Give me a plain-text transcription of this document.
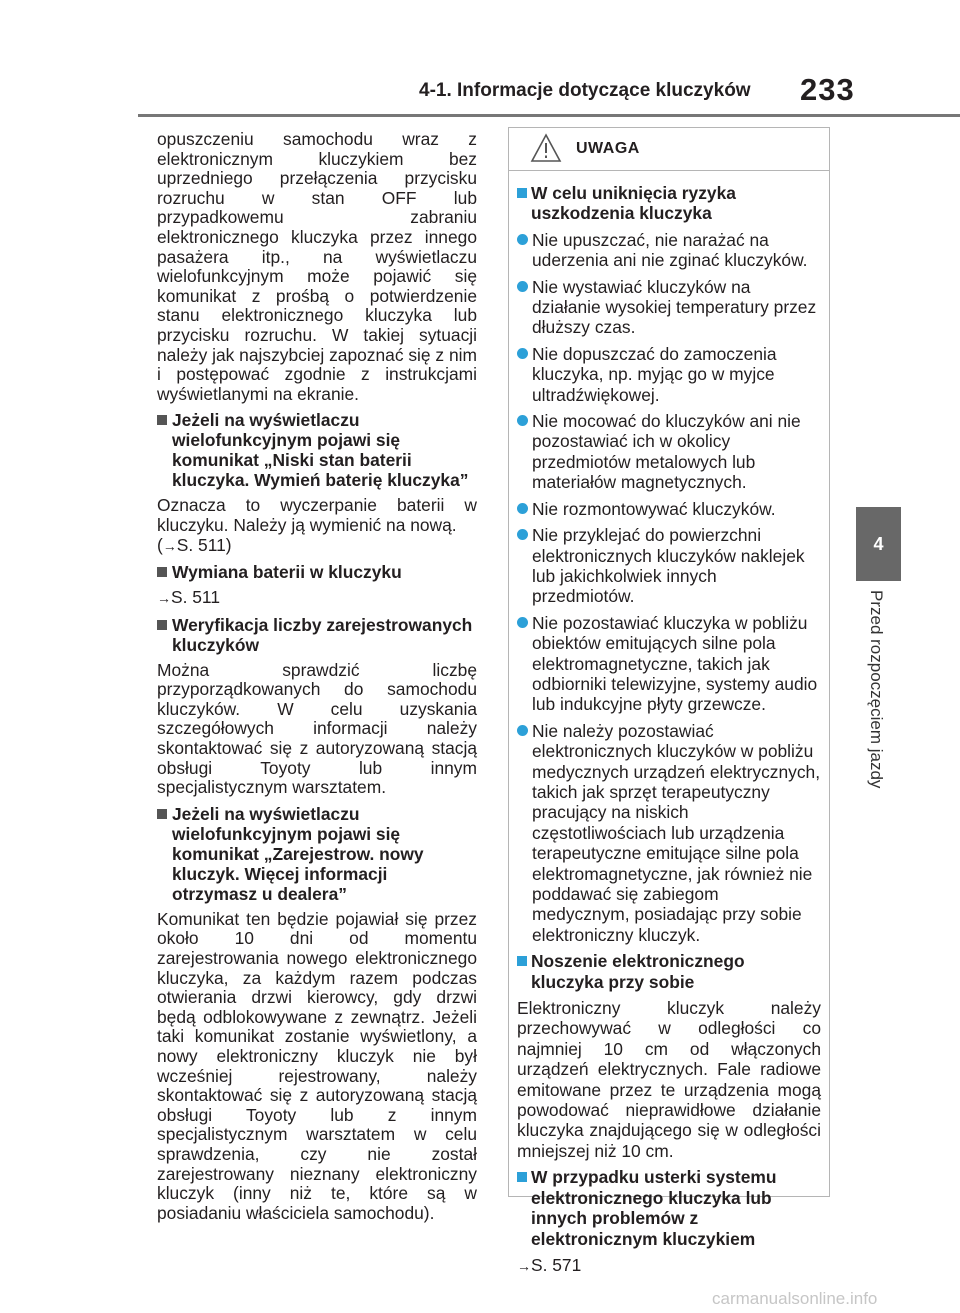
4-1. Informacje dotyczące kluczyków 233
4
Przed rozpoczęciem jazdy

opuszczeniu samochodu wraz z elektronicznym kluczykiem bez uprzedniego przełączenia przycisku rozruchu w stan OFF lub przypadkowemu zabraniu elektronicznego kluczyka przez innego pasażera itp., na wyświetlaczu wielofunkcyjnym może pojawić się komunikat z prośbą o potwierdzenie stanu elektronicznego kluczyka lub przycisku rozruchu. W takiej sytuacji należy jak najszybciej zapoznać się z nim i postępować zgodnie z instrukcjami wyświetlanymi na ekranie.

Jeżeli na wyświetlaczu wielofunkcyjnym pojawi się komunikat „Niski stan baterii kluczyka. Wymień baterię kluczyka”

Oznacza to wyczerpanie baterii w kluczyku. Należy ją wymienić na nową.
(→S. 511)

Wymiana baterii w kluczyku

→S. 511

Weryfikacja liczby zarejestrowanych kluczyków

Można sprawdzić liczbę przyporządkowanych do samochodu kluczyków. W celu uzyskania szczegółowych informacji należy skontaktować się z autoryzowaną stacją obsługi Toyoty lub innym specjalistycznym warsztatem.

Jeżeli na wyświetlaczu wielofunkcyjnym pojawi się komunikat „Zarejestrow. nowy kluczyk. Więcej informacji otrzymasz u dealera”

Komunikat ten będzie pojawiał się przez około 10 dni od momentu zarejestrowania nowego elektronicznego kluczyka, za każdym razem podczas otwierania drzwi kierowcy, gdy drzwi będą odblokowywane z zewnątrz. Jeżeli taki komunikat zostanie wyświetlony, a nowy elektroniczny kluczyk nie był wcześniej rejestrowany, należy skontaktować się z autoryzowaną stacją obsługi Toyoty lub z innym specjalistycznym warsztatem w celu sprawdzenia, czy nie został zarejestrowany nieznany elektroniczny kluczyk (inny niż te, które są w posiadaniu właściciela samochodu).

UWAGA
W celu uniknięcia ryzyka uszkodzenia kluczyka
Nie upuszczać, nie narażać na uderzenia ani nie zginać kluczyków.
Nie wystawiać kluczyków na działanie wysokiej temperatury przez dłuższy czas.
Nie dopuszczać do zamoczenia kluczyka, np. myjąc go w myjce ultradźwiękowej.
Nie mocować do kluczyków ani nie pozostawiać ich w okolicy przedmiotów metalowych lub materiałów magnetycznych.
Nie rozmontowywać kluczyków.
Nie przyklejać do powierzchni elektronicznych kluczyków naklejek lub jakichkolwiek innych przedmiotów.
Nie pozostawiać kluczyka w pobliżu obiektów emitujących silne pola elektromagnetyczne, takich jak odbiorniki telewizyjne, systemy audio lub indukcyjne płyty grzewcze.
Nie należy pozostawiać elektronicznych kluczyków w pobliżu medycznych urządzeń elektrycznych, takich jak sprzęt terapeutyczny pracujący na niskich częstotliwościach lub urządzenia terapeutyczne emitujące silne pola elektromagnetyczne, jak również nie poddawać się zabiegom medycznym, posiadając przy sobie elektroniczny kluczyk.
Noszenie elektronicznego kluczyka przy sobie

Elektroniczny kluczyk należy przechowywać w odległości co najmniej 10 cm od włączonych urządzeń elektrycznych. Fale radiowe emitowane przez te urządzenia mogą powodować nieprawidłowe działanie kluczyka znajdującego się w odległości mniejszej niż 10 cm.

W przypadku usterki systemu elektronicznego kluczyka lub innych problemów z elektronicznym kluczykiem

→S. 571

carmanualsonline.info
